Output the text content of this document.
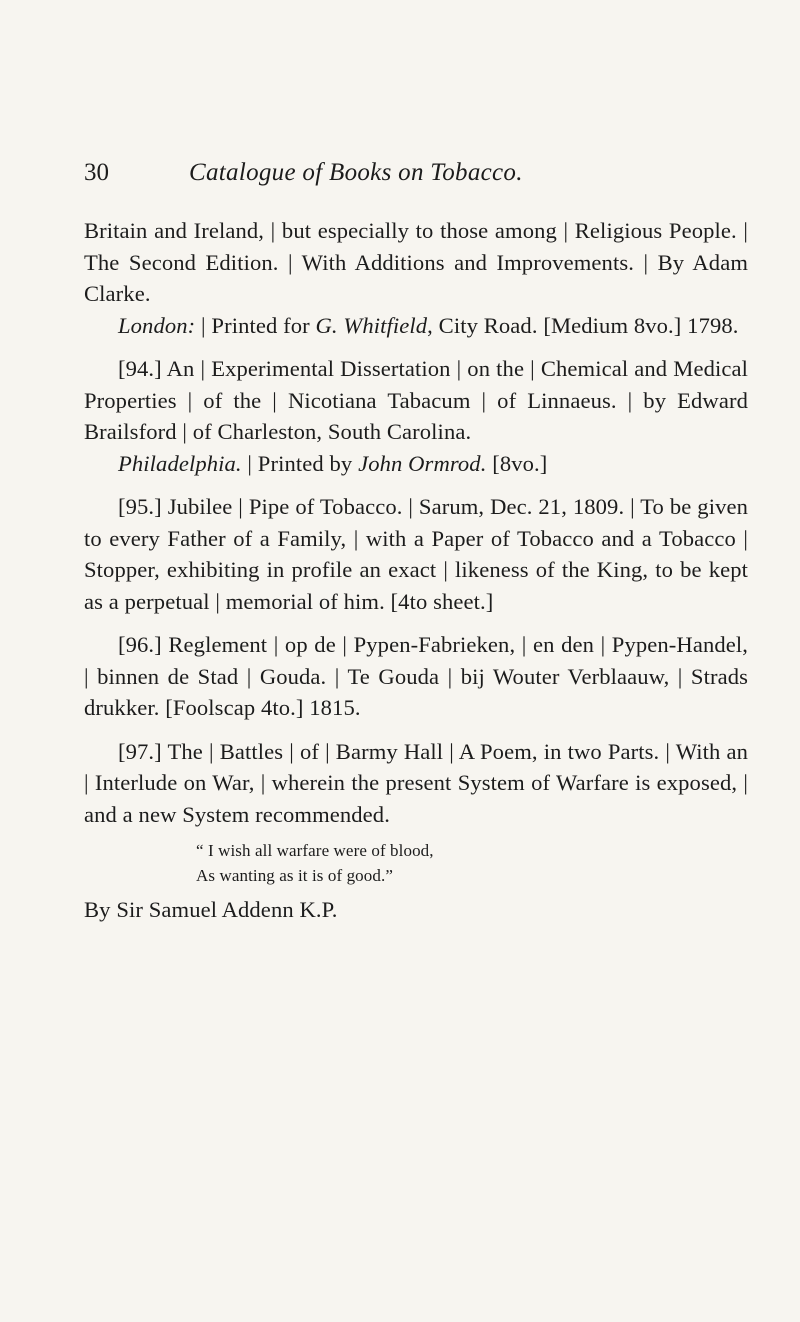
30	Catalogue of Books on Tobacco.

Britain and Ireland, | but especially to those among | Religious People. | The Second Edition. | With Additions and Improvements. | By Adam Clarke.

London: | Printed for G. Whitfield, City Road. [Medium 8vo.] 1798.

[94.] An | Experimental Dissertation | on the | Chemical and Medical Properties | of the | Nicotiana Tabacum | of Linnaeus. | by Edward Brailsford | of Charleston, South Carolina.

Philadelphia. | Printed by John Ormrod. [8vo.]

[95.] Jubilee | Pipe of Tobacco. | Sarum, Dec. 21, 1809. | To be given to every Father of a Family, | with a Paper of Tobacco and a Tobacco | Stopper, exhibiting in profile an exact | likeness of the King, to be kept as a perpetual | memorial of him. [4to sheet.]

[96.] Reglement | op de | Pypen-Fabrieken, | en den | Pypen-Handel, | binnen de Stad | Gouda. | Te Gouda | bij Wouter Verblaauw, | Strads drukker. [Foolscap 4to.] 1815.

[97.] The | Battles | of | Barmy Hall | A Poem, in two Parts. | With an | Interlude on War, | wherein the present System of Warfare is exposed, | and a new System recommended.

“ I wish all warfare were of blood,
As wanting as it is of good.”

By Sir Samuel Addenn K.P.
